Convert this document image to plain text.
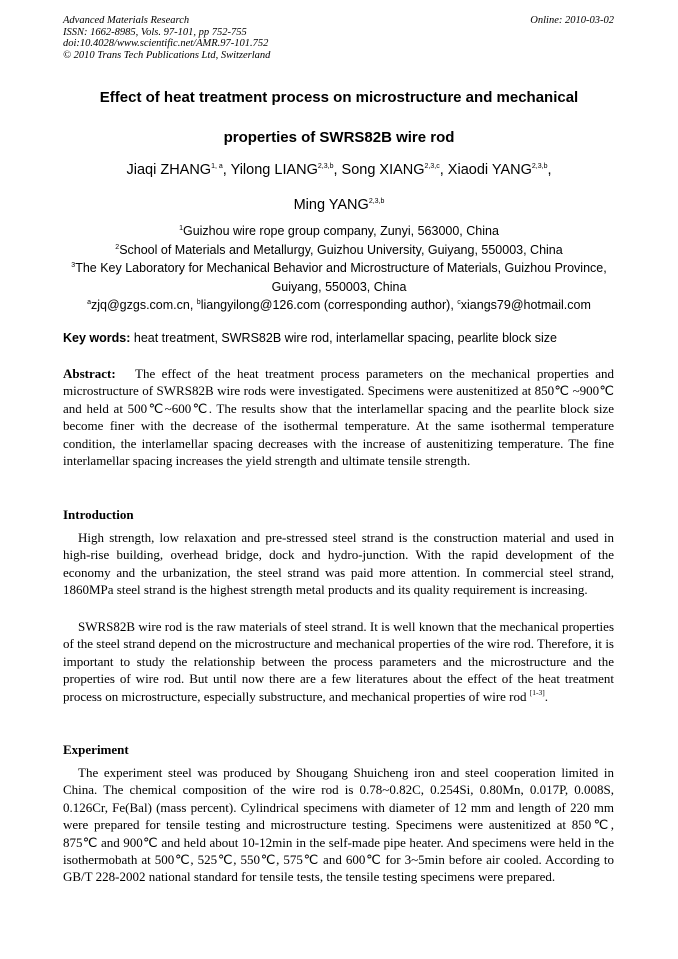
Advanced Materials Research
ISSN: 1662-8985, Vols. 97-101, pp 752-755
doi:10.4028/www.scientific.net/AMR.97-101.752
© 2010 Trans Tech Publications Ltd, Switzerland
Online: 2010-03-02
Effect of heat treatment process on microstructure and mechanical
properties of SWRS82B wire rod
Jiaqi ZHANG$^{1, a}$, Yilong LIANG$^{2,3,b}$, Song XIANG$^{2,3,c}$, Xiaodi YANG$^{2,3,b}$,
Ming YANG$^{2,3,b}$
$^1$Guizhou wire rope group company, Zunyi, 563000, China
$^2$School of Materials and Metallurgy, Guizhou University, Guiyang, 550003, China
$^3$The Key Laboratory for Mechanical Behavior and Microstructure of Materials, Guizhou Province,
Guiyang, 550003, China
$^a$zjq@gzgs.com.cn, $^b$liangyilong@126.com (corresponding author), $^c$xiangs79@hotmail.com
Key words: heat treatment, SWRS82B wire rod, interlamellar spacing, pearlite block size
Abstract: The effect of the heat treatment process parameters on the mechanical properties and microstructure of SWRS82B wire rods were investigated. Specimens were austenitized at 850℃ ~900℃ and held at 500℃~600℃. The results show that the interlamellar spacing and the pearlite block size become finer with the decrease of the isothermal temperature. At the same isothermal temperature condition, the interlamellar spacing decreases with the increase of austenitizing temperature. The fine interlamellar spacing increases the yield strength and ultimate tensile strength.
Introduction
High strength, low relaxation and pre-stressed steel strand is the construction material and used in high-rise building, overhead bridge, dock and hydro-junction. With the rapid development of the economy and the urbanization, the steel strand was paid more attention. In commercial steel strand, 1860MPa steel strand is the highest strength metal products and its quality requirement is increasing.
SWRS82B wire rod is the raw materials of steel strand. It is well known that the mechanical properties of the steel strand depend on the microstructure and mechanical properties of the wire rod. Therefore, it is important to study the relationship between the process parameters and the microstructure and the properties of wire rod. But until now there are a few literatures about the effect of the heat treatment process on microstructure, especially substructure, and mechanical properties of wire rod [1-3].
Experiment
The experiment steel was produced by Shougang Shuicheng iron and steel cooperation limited in China. The chemical composition of the wire rod is 0.78~0.82C, 0.254Si, 0.80Mn, 0.017P, 0.008S, 0.126Cr, Fe(Bal) (mass percent). Cylindrical specimens with diameter of 12 mm and length of 220 mm were prepared for tensile testing and microstructure testing. Specimens were austenitized at 850℃, 875℃ and 900℃ and held about 10-12min in the self-made pipe heater. And specimens were held in the isothermobath at 500℃, 525℃, 550℃, 575℃ and 600℃ for 3~5min before air cooled. According to GB/T 228-2002 national standard for tensile tests, the tensile testing specimens were prepared.
